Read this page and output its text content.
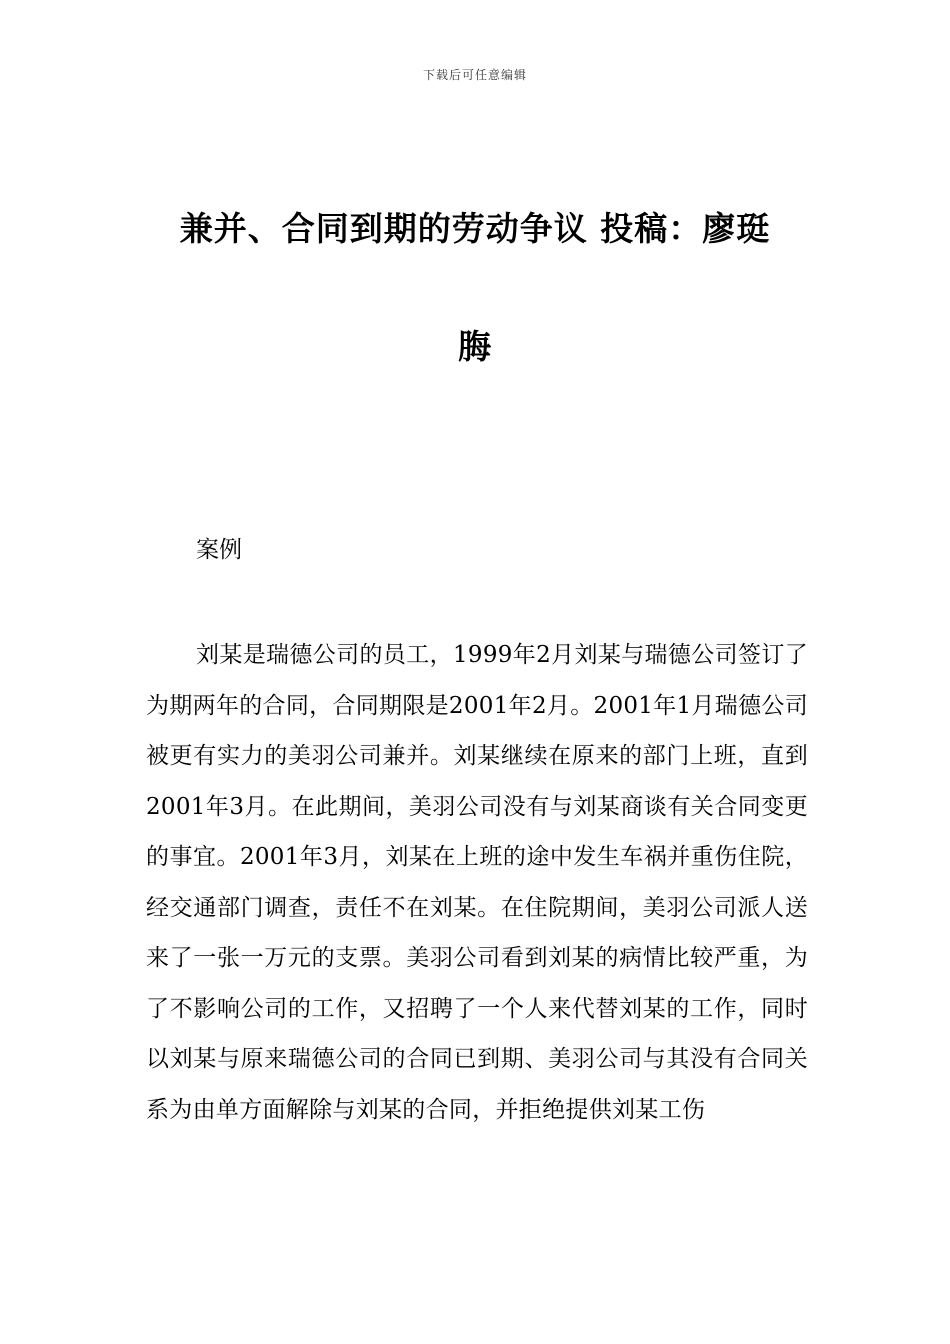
下载后可任意编辑
兼并、合同到期的劳动争议 投稿：廖珽
脢
案例

刘某是瑞德公司的员工，1999年2月刘某与瑞德公司签订了为期两年的合同，合同期限是2001年2月。2001年1月瑞德公司被更有实力的美羽公司兼并。刘某继续在原来的部门上班，直到2001年3月。在此期间，美羽公司没有与刘某商谈有关合同变更的事宜。2001年3月，刘某在上班的途中发生车祸并重伤住院，经交通部门调查，责任不在刘某。在住院期间，美羽公司派人送来了一张一万元的支票。美羽公司看到刘某的病情比较严重，为了不影响公司的工作，又招聘了一个人来代替刘某的工作，同时以刘某与原来瑞德公司的合同已到期、美羽公司与其没有合同关系为由单方面解除与刘某的合同，并拒绝提供刘某工伤
